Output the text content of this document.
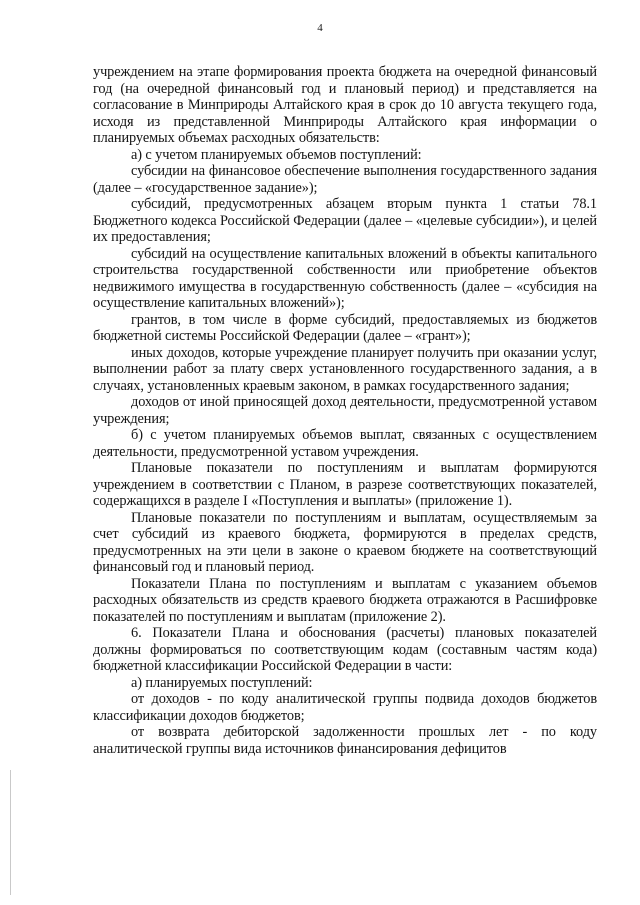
4

учреждением на этапе формирования проекта бюджета на очередной финансовый год (на очередной финансовый год и плановый период) и представляется на согласование в Минприроды Алтайского края в срок до 10 августа текущего года, исходя из представленной Минприроды Алтайского края информации о планируемых объемах расходных обязательств:

а) с учетом планируемых объемов поступлений:

субсидии на финансовое обеспечение выполнения государственного задания (далее – «государственное задание»);

субсидий, предусмотренных абзацем вторым пункта 1 статьи 78.1 Бюджетного кодекса Российской Федерации (далее – «целевые субсидии»), и целей их предоставления;

субсидий на осуществление капитальных вложений в объекты капитального строительства государственной собственности или приобретение объектов недвижимого имущества в государственную собственность (далее – «субсидия на осуществление капитальных вложений»);

грантов, в том числе в форме субсидий, предоставляемых из бюджетов бюджетной системы Российской Федерации (далее – «грант»);

иных доходов, которые учреждение планирует получить при оказании услуг, выполнении работ за плату сверх установленного государственного задания, а в случаях, установленных краевым законом, в рамках государственного задания;

доходов от иной приносящей доход деятельности, предусмотренной уставом учреждения;

б) с учетом планируемых объемов выплат, связанных с осуществлением деятельности, предусмотренной уставом учреждения.

Плановые показатели по поступлениям и выплатам формируются учреждением в соответствии с Планом, в разрезе соответствующих показателей, содержащихся в разделе I «Поступления и выплаты» (приложение 1).

Плановые показатели по поступлениям и выплатам, осуществляемым за счет субсидий из краевого бюджета, формируются в пределах средств, предусмотренных на эти цели в законе о краевом бюджете на соответствующий финансовый год и плановый период.

Показатели Плана по поступлениям и выплатам с указанием объемов расходных обязательств из средств краевого бюджета отражаются в Расшифровке показателей по поступлениям и выплатам (приложение 2).

6. Показатели Плана и обоснования (расчеты) плановых показателей должны формироваться по соответствующим кодам (составным частям кода) бюджетной классификации Российской Федерации в части:

а) планируемых поступлений:

от доходов - по коду аналитической группы подвида доходов бюджетов классификации доходов бюджетов;

от возврата дебиторской задолженности прошлых лет - по коду аналитической группы вида источников финансирования дефицитов
